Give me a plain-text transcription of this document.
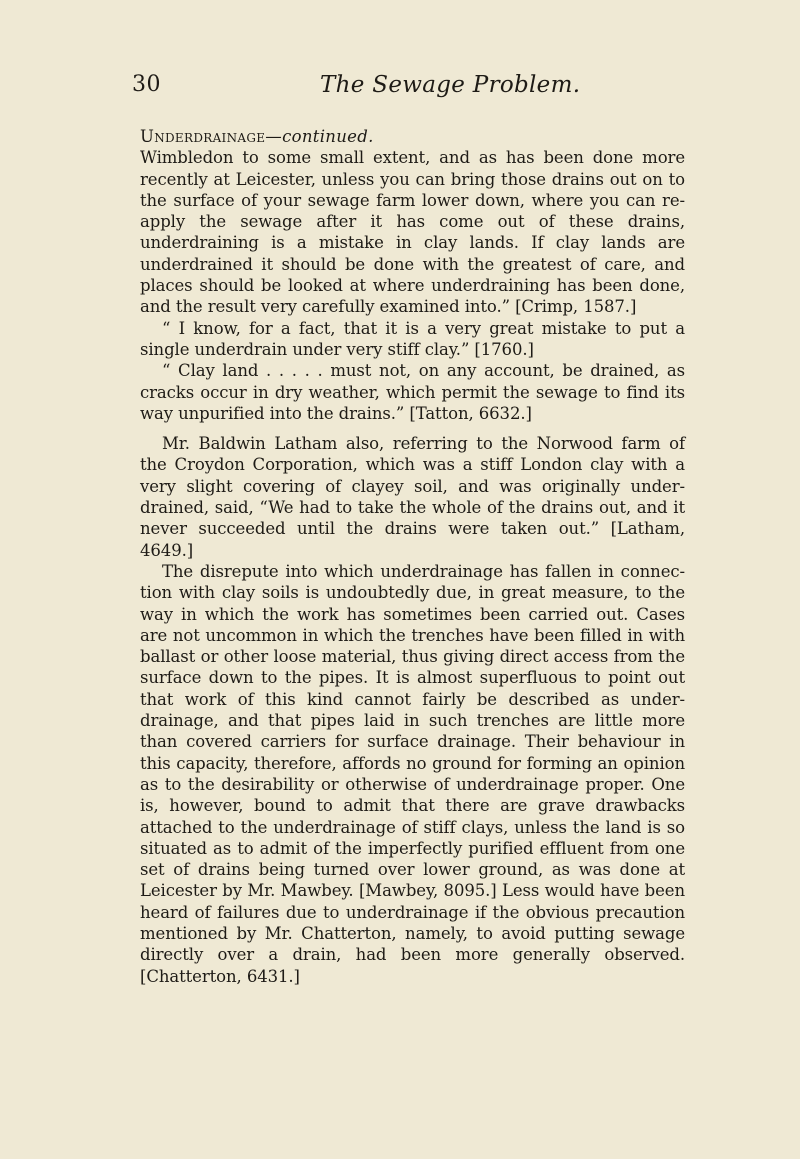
30	The Sewage Problem.

Underdrainage—continued.

Wimbledon to some small extent, and as has been done more recently at Leicester, unless you can bring those drains out on to the surface of your sewage farm lower down, where you can re-apply the sewage after it has come out of these drains, underdraining is a mistake in clay lands. If clay lands are underdrained it should be done with the greatest of care, and places should be looked at where underdraining has been done, and the result very carefully examined into.” [Crimp, 1587.]

“ I know, for a fact, that it is a very great mistake to put a single underdrain under very stiff clay.” [1760.]

“ Clay land . . . . . must not, on any account, be drained, as cracks occur in dry weather, which permit the sewage to find its way unpurified into the drains.” [Tatton, 6632.]

Mr. Baldwin Latham also, referring to the Norwood farm of the Croydon Corporation, which was a stiff London clay with a very slight covering of clayey soil, and was originally under-drained, said, “We had to take the whole of the drains out, and it never succeeded until the drains were taken out.” [Latham, 4649.]

The disrepute into which underdrainage has fallen in connec-tion with clay soils is undoubtedly due, in great measure, to the way in which the work has sometimes been carried out. Cases are not uncommon in which the trenches have been filled in with ballast or other loose material, thus giving direct access from the surface down to the pipes. It is almost superfluous to point out that work of this kind cannot fairly be described as under-drainage, and that pipes laid in such trenches are little more than covered carriers for surface drainage. Their behaviour in this capacity, therefore, affords no ground for forming an opinion as to the desirability or otherwise of underdrainage proper. One is, however, bound to admit that there are grave drawbacks attached to the underdrainage of stiff clays, unless the land is so situated as to admit of the imperfectly purified effluent from one set of drains being turned over lower ground, as was done at Leicester by Mr. Mawbey. [Mawbey, 8095.] Less would have been heard of failures due to underdrainage if the obvious precaution mentioned by Mr. Chatterton, namely, to avoid putting sewage directly over a drain, had been more generally observed. [Chatterton, 6431.]
